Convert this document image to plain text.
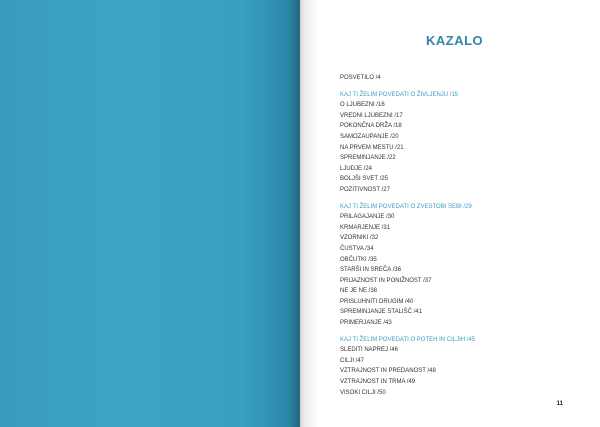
KAZALO
POSVETILO /4
KAJ TI ŽELIM POVEDATI O ŽIVLJENJU /15
O LJUBEZNI /16
VREDNI LJUBEZNI /17
POKONČNA DRŽA /18
SAMOZAUPANJE /20
NA PRVEM MESTU /21
SPREMINJANJE /22
LJUDJE /24
BOLJŠI SVET /25
POZITIVNOST /27
KAJ TI ŽELIM POVEDATI O ZVESTOBI SEBI /29
PRILAGAJANJE /30
KRMARJENJE /31
VZORNIKI /32
ČUSTVA /34
OBČUTKI /35
STARŠI IN SREČA /36
PRIJAZNOST IN PONIŽNOST /37
NE JE NE /38
PRISLUHNITI DRUGIM /40
SPREMINJANJE STALIŠČ /41
PRIMERJANJE /43
KAJ TI ŽELIM POVEDATI O POTEH IN CILJIH /45
SLEDITI NAPREJ /46
CILJI /47
VZTRAJNOST IN PREDANOST /48
VZTRAJNOST IN TRMA /49
VISOKI CILJI /50
11
